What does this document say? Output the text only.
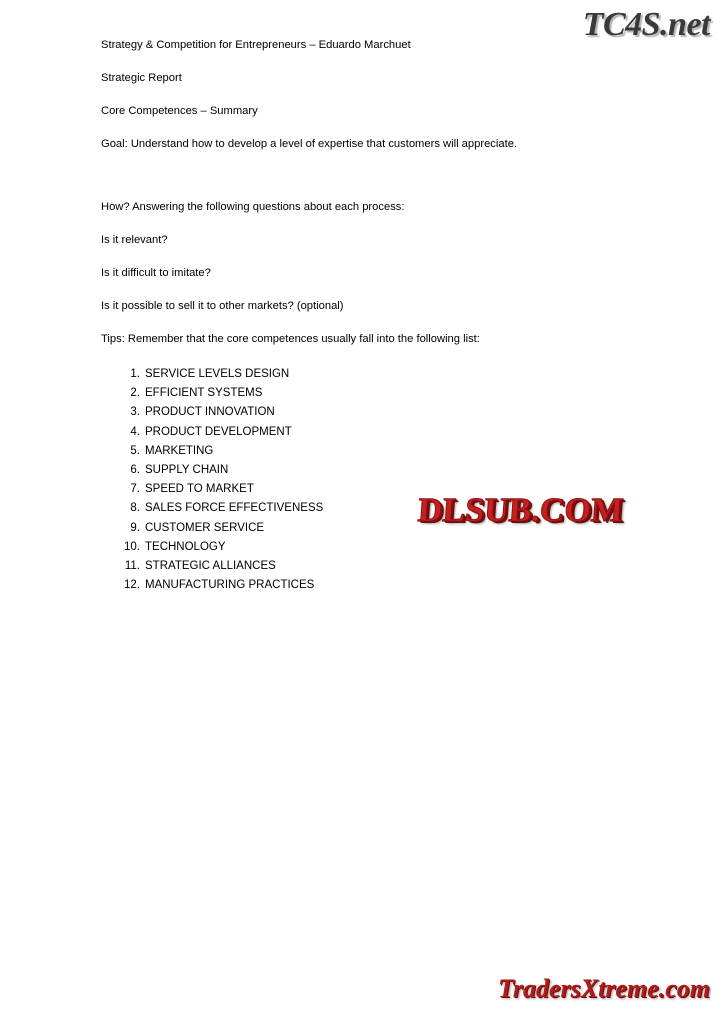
TC4S.net

Strategy & Competition for Entrepreneurs – Eduardo Marchuet

Strategic Report

Core Competences – Summary

Goal: Understand how to develop a level of expertise that customers will appreciate.

How? Answering the following questions about each process:

Is it relevant?

Is it difficult to imitate?

Is it possible to sell it to other markets? (optional)

Tips: Remember that the core competences usually fall into the following list:

1. SERVICE LEVELS DESIGN
2. EFFICIENT SYSTEMS
3. PRODUCT INNOVATION
4. PRODUCT DEVELOPMENT
5. MARKETING
6. SUPPLY CHAIN
7. SPEED TO MARKET
8. SALES FORCE EFFECTIVENESS
9. CUSTOMER SERVICE
10. TECHNOLOGY
11. STRATEGIC ALLIANCES
12. MANUFACTURING PRACTICES
DLSUB.COM
TradersXtreme.com
